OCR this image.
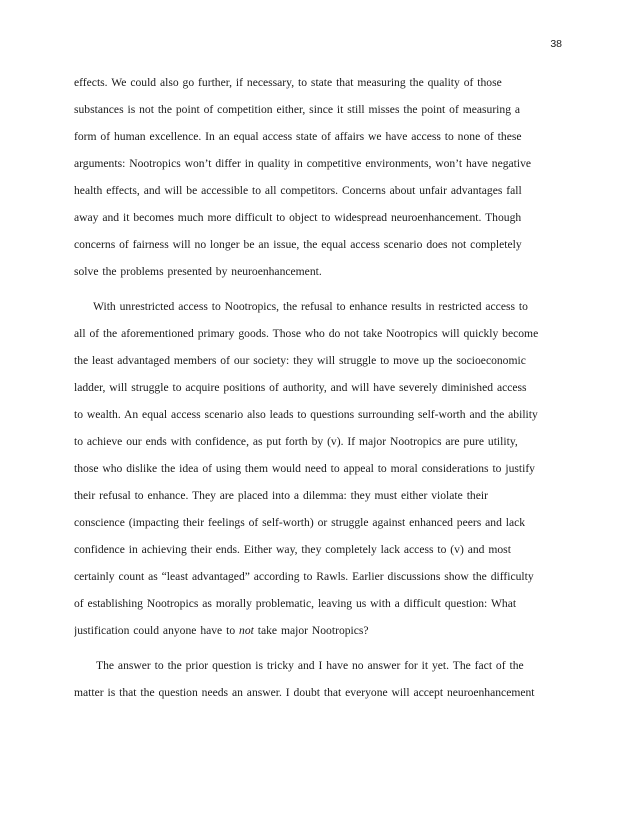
38
effects. We could also go further, if necessary, to state that measuring the quality of those
substances is not the point of competition either, since it still misses the point of measuring a
form of human excellence. In an equal access state of affairs we have access to none of these
arguments: Nootropics won’t differ in quality in competitive environments, won’t have negative
health effects, and will be accessible to all competitors. Concerns about unfair advantages fall
away and it becomes much more difficult to object to widespread neuroenhancement. Though
concerns of fairness will no longer be an issue, the equal access scenario does not completely
solve the problems presented by neuroenhancement.
With unrestricted access to Nootropics, the refusal to enhance results in restricted access to
all of the aforementioned primary goods. Those who do not take Nootropics will quickly become
the least advantaged members of our society: they will struggle to move up the socioeconomic
ladder, will struggle to acquire positions of authority, and will have severely diminished access
to wealth. An equal access scenario also leads to questions surrounding self-worth and the ability
to achieve our ends with confidence, as put forth by (v). If major Nootropics are pure utility,
those who dislike the idea of using them would need to appeal to moral considerations to justify
their refusal to enhance. They are placed into a dilemma: they must either violate their
conscience (impacting their feelings of self-worth) or struggle against enhanced peers and lack
confidence in achieving their ends. Either way, they completely lack access to (v) and most
certainly count as “least advantaged” according to Rawls. Earlier discussions show the difficulty
of establishing Nootropics as morally problematic, leaving us with a difficult question: What
justification could anyone have to not take major Nootropics?
The answer to the prior question is tricky and I have no answer for it yet. The fact of the
matter is that the question needs an answer. I doubt that everyone will accept neuroenhancement
